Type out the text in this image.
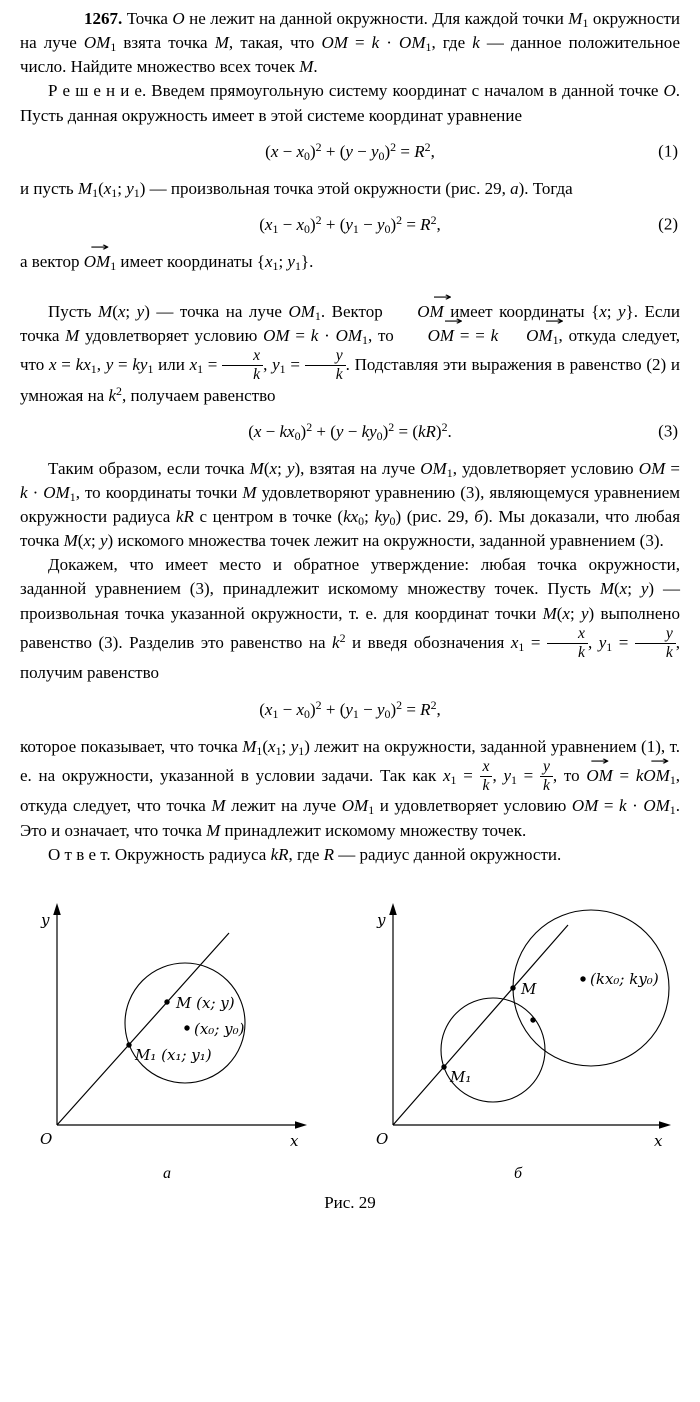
1267. Точка O не лежит на данной окружности. Для каждой точки $M_1$ окружности на луче $OM_1$ взята точка M, такая, что OM = $k \cdot OM_1$, где k — данное положительное число. Найдите множество всех точек M.

Р е ш е н и е. Введем прямоугольную систему координат с началом в данной точке O. Пусть данная окружность имеет в этой системе координат уравнение

$(x - x_0)^2 + (y - y_0)^2 = R^2$,	(1)

и пусть $M_1(x_1$; $y_1$) — произвольная точка этой окружности (рис. 29, а). Тогда

$(x_1 - x_0)^2 + (y_1 - y_0)^2 = R^2$,	(2)

а вектор $OM_1$ → имеет координаты {$x_1$; $y_1$}.

Пусть M(x; y) — точка на луче $OM_1$. Вектор OM → имеет координаты {x; y}. Если точка M удовлетворяет условию OM = $k \cdot OM_1$, то OM → = = k $OM_1$ →, откуда следует, что $x = kx_1$, $y = ky_1$ или $x_1 = \frac{x}{k}$ , $y_1 = \frac{y}{k}$ . Подставляя эти выражения в равенство (2) и умножая на $k^2$, получаем равенство

$(x - kx_0)^2 + (y - ky_0)^2 = (kR)^2$.	(3)

Таким образом, если точка M(x; y), взятая на луче $OM_1$, удовлетворяет условию OM = $k \cdot OM_1$, то координаты точки M удовлетворяют уравнению (3), являющемуся уравнением окружности радиуса kR с центром в точке ($kx_0$; $ky_0$) (рис. 29, б). Мы доказали, что любая точка M(x; y) искомого множества точек лежит на окружности, заданной уравнением (3).

Докажем, что имеет место и обратное утверждение: любая точка окружности, заданной уравнением (3), принадлежит искомому множеству точек. Пусть M(x; y) — произвольная точка указанной окружности, т. е. для координат точки M(x; y) выполнено равенство (3). Разделив это равенство на $k^2$ и введя обозначения $x_1 = \frac{x}{k}$ , $y_1 = \frac{y}{k}$ , получим равенство

$(x_1 - x_0)^2 + (y_1 - y_0)^2 = R^2$,

которое показывает, что точка $M_1(x_1$; $y_1$) лежит на окружности, заданной уравнением (1), т. е. на окружности, указанной в условии задачи. Так как $x_1 = \frac{x}{k}$ , $y_1 = \frac{y}{k}$ , то OM → = kOM$_1$ →, откуда следует, что точка M лежит на луче $OM_1$ и удовлетворяет условию OM = $k \cdot OM_1$. Это и означает, что точка M принадлежит искомому множеству точек.

О т в е т. Окружность радиуса kR, где R — радиус данной окружности.

y
x
O
M (x; y)
(x₀; y₀)
M₁ (x₁; y₁)
а
y
x
O
M
M₁
(kx₀; ky₀)
б
Рис. 29
